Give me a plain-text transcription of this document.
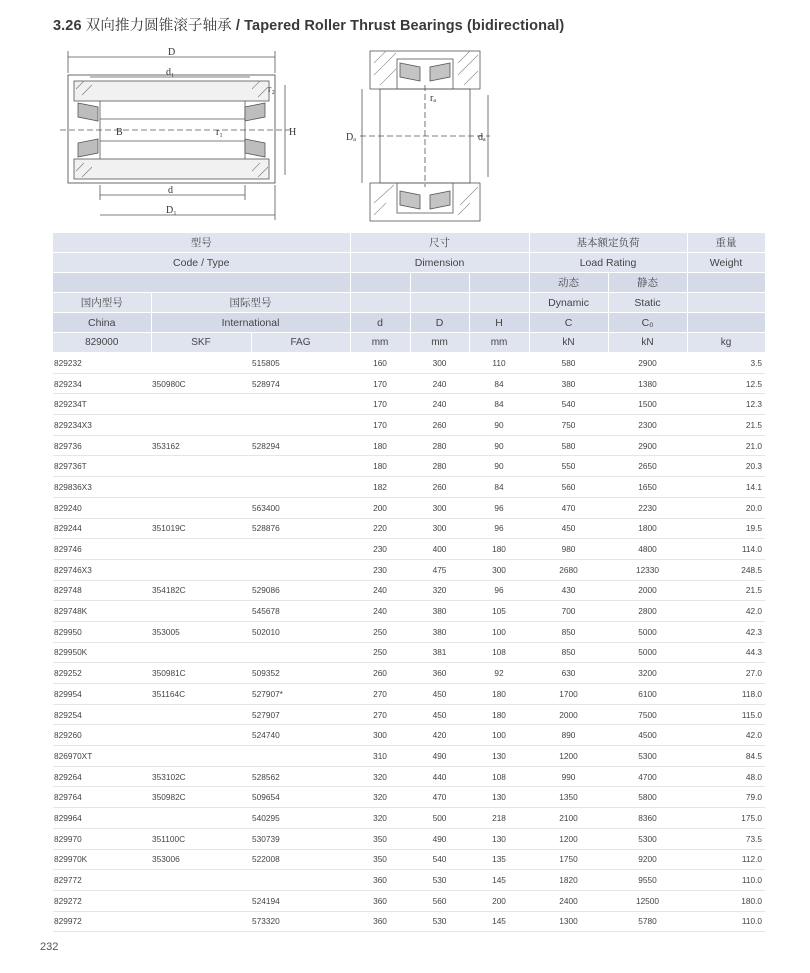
3.26 双向推力圆锥滚子轴承 / Tapered Roller Thrust Bearings (bidirectional)
D
d₁
r₂
r₁
B	H
d
D₁
rₐ
Dₐ	dₐ
型号			尺寸			基本额定负荷		重量
Code / Type			Dimension			Load Rating		Weight
						动态	静态	
国内型号	国际型号					Dynamic	Static	
China	International		d	D	H	C	C₀	
829000	SKF	FAG	mm	mm	mm	kN	kN	kg
829232		515805	160	300	110	580	2900	3.5
829234	350980C	528974	170	240	84	380	1380	12.5
829234T			170	240	84	540	1500	12.3
829234X3			170	260	90	750	2300	21.5
829736	353162	528294	180	280	90	580	2900	21.0
829736T			180	280	90	550	2650	20.3
829836X3			182	260	84	560	1650	14.1
829240		563400	200	300	96	470	2230	20.0
829244	351019C	528876	220	300	96	450	1800	19.5
829746			230	400	180	980	4800	114.0
829746X3			230	475	300	2680	12330	248.5
829748	354182C	529086	240	320	96	430	2000	21.5
829748K		545678	240	380	105	700	2800	42.0
829950	353005	502010	250	380	100	850	5000	42.3
829950K			250	381	108	850	5000	44.3
829252	350981C	509352	260	360	92	630	3200	27.0
829954	351164C	527907*	270	450	180	1700	6100	118.0
829254		527907	270	450	180	2000	7500	115.0
829260		524740	300	420	100	890	4500	42.0
826970XT			310	490	130	1200	5300	84.5
829264	353102C	528562	320	440	108	990	4700	48.0
829764	350982C	509654	320	470	130	1350	5800	79.0
829964		540295	320	500	218	2100	8360	175.0
829970	351100C	530739	350	490	130	1200	5300	73.5
829970K	353006	522008	350	540	135	1750	9200	112.0
829772			360	530	145	1820	9550	110.0
829272		524194	360	560	200	2400	12500	180.0
829972		573320	360	530	145	1300	5780	110.0
232
